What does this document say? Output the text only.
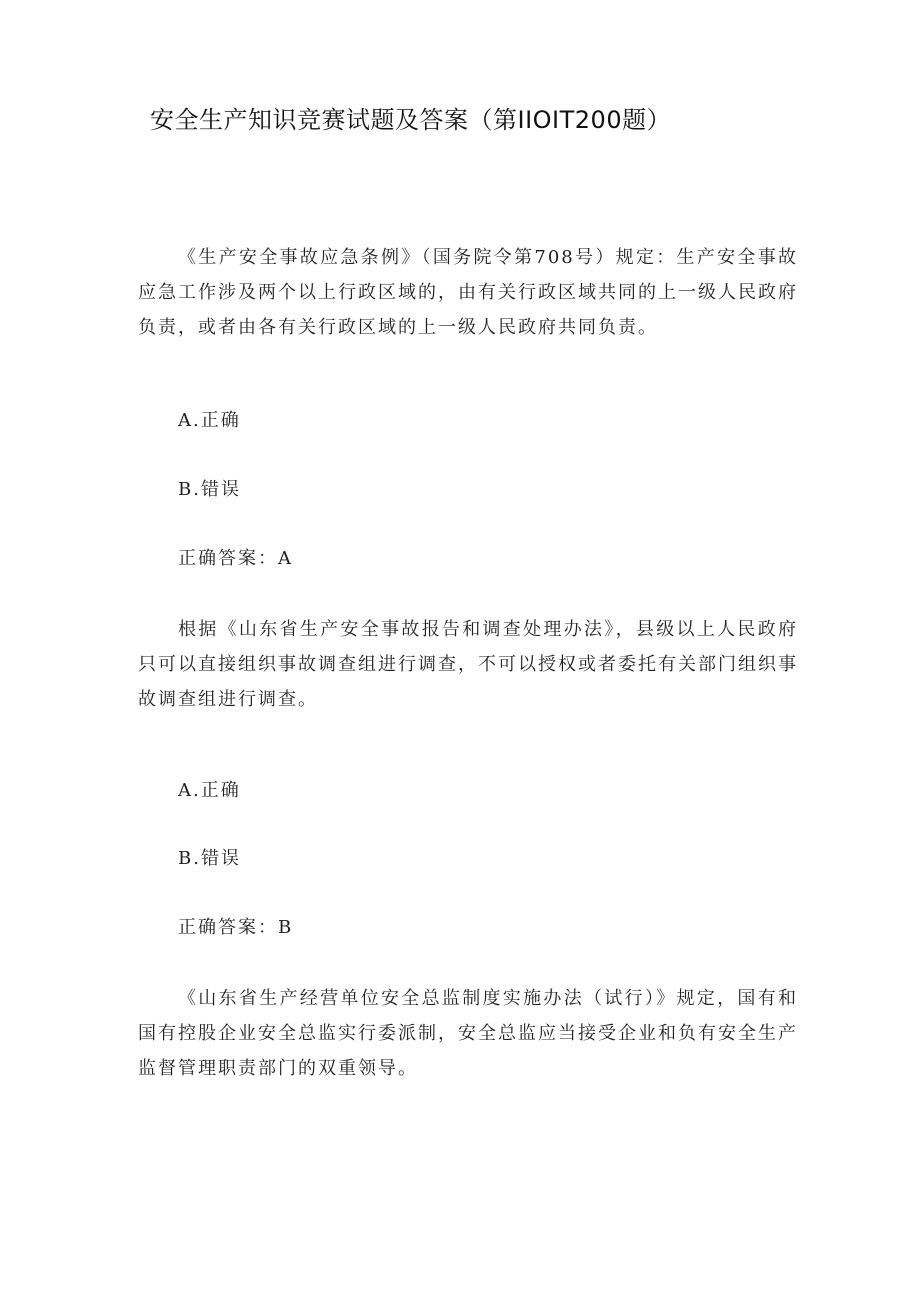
安全生产知识竞赛试题及答案（第IIOIT200题）

《生产安全事故应急条例》（国务院令第708号）规定：生产安全事故应急工作涉及两个以上行政区域的，由有关行政区域共同的上一级人民政府负责，或者由各有关行政区域的上一级人民政府共同负责。

A.正确
B.错误
正确答案：A

根据《山东省生产安全事故报告和调查处理办法》，县级以上人民政府只可以直接组织事故调查组进行调查，不可以授权或者委托有关部门组织事故调查组进行调查。

A.正确
B.错误
正确答案：B

《山东省生产经营单位安全总监制度实施办法（试行）》规定，国有和国有控股企业安全总监实行委派制，安全总监应当接受企业和负有安全生产监督管理职责部门的双重领导。
